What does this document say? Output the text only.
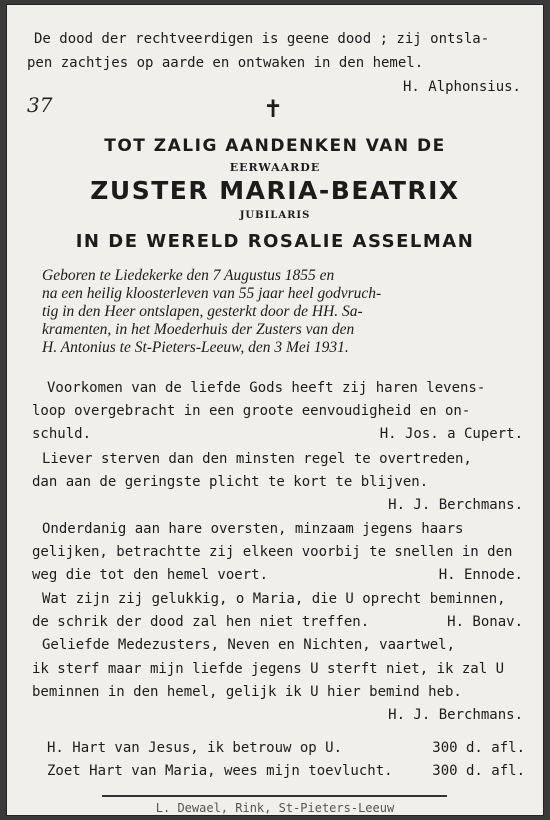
De dood der rechtveerdigen is geene dood ; zij ontsla-
pen zachtjes op aarde en ontwaken in den hemel.
H. Alphonsius.
37	✝
TOT ZALIG AANDENKEN VAN DE
EERWAARDE
ZUSTER MARIA-BEATRIX
JUBILARIS
IN DE WERELD ROSALIE ASSELMAN
Geboren te Liedekerke den 7 Augustus 1855 en
na een heilig kloosterleven van 55 jaar heel godvruch-
tig in den Heer ontslapen, gesterkt door de HH. Sa-
kramenten, in het Moederhuis der Zusters van den
H. Antonius te St-Pieters-Leeuw, den 3 Mei 1931.
Voorkomen van de liefde Gods heeft zij haren levens-
loop overgebracht in een groote eenvoudigheid en on-
schuld.	H. Jos. a Cupert.
Liever sterven dan den minsten regel te overtreden,
dan aan de geringste plicht te kort te blijven.
H. J. Berchmans.
Onderdanig aan hare oversten, minzaam jegens haars
gelijken, betrachtte zij elkeen voorbij te snellen in den
weg die tot den hemel voert.	H. Ennode.
Wat zijn zij gelukkig, o Maria, die U oprecht beminnen,
de schrik der dood zal hen niet treffen.	H. Bonav.
Geliefde Medezusters, Neven en Nichten, vaartwel,
ik sterf maar mijn liefde jegens U sterft niet, ik zal U
beminnen in den hemel, gelijk ik U hier bemind heb.
H. J. Berchmans.
H. Hart van Jesus, ik betrouw op U.	300 d. afl.
Zoet Hart van Maria, wees mijn toevlucht.	300 d. afl.
L. Dewael, Rink, St-Pieters-Leeuw
